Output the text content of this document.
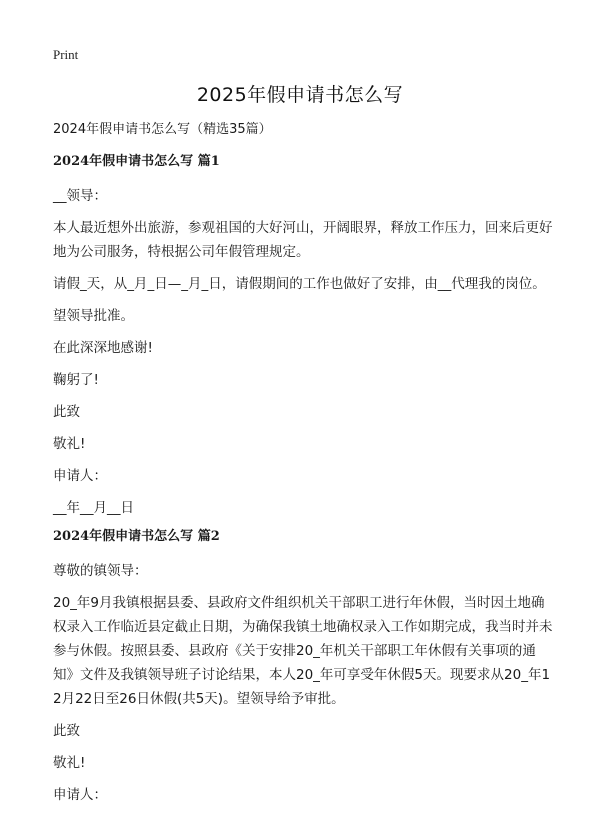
Print
2025年假申请书怎么写
2024年假申请书怎么写（精选35篇）
2024年假申请书怎么写 篇1
__领导：
本人最近想外出旅游，参观祖国的大好河山，开阔眼界，释放工作压力，回来后更好地为公司服务，特根据公司年假管理规定。
请假_天，从_月_日—_月_日，请假期间的工作也做好了安排，由__代理我的岗位。
望领导批准。
在此深深地感谢!
鞠躬了!
此致
敬礼!
申请人：
__年__月__日
2024年假申请书怎么写 篇2
尊敬的镇领导：
20_年9月我镇根据县委、县政府文件组织机关干部职工进行年休假，当时因土地确权录入工作临近县定截止日期，为确保我镇土地确权录入工作如期完成，我当时并未参与休假。按照县委、县政府《关于安排20_年机关干部职工年休假有关事项的通知》文件及我镇领导班子讨论结果，本人20_年可享受年休假5天。现要求从20_年12月22日至26日休假(共5天)。望领导给予审批。
此致
敬礼!
申请人：
